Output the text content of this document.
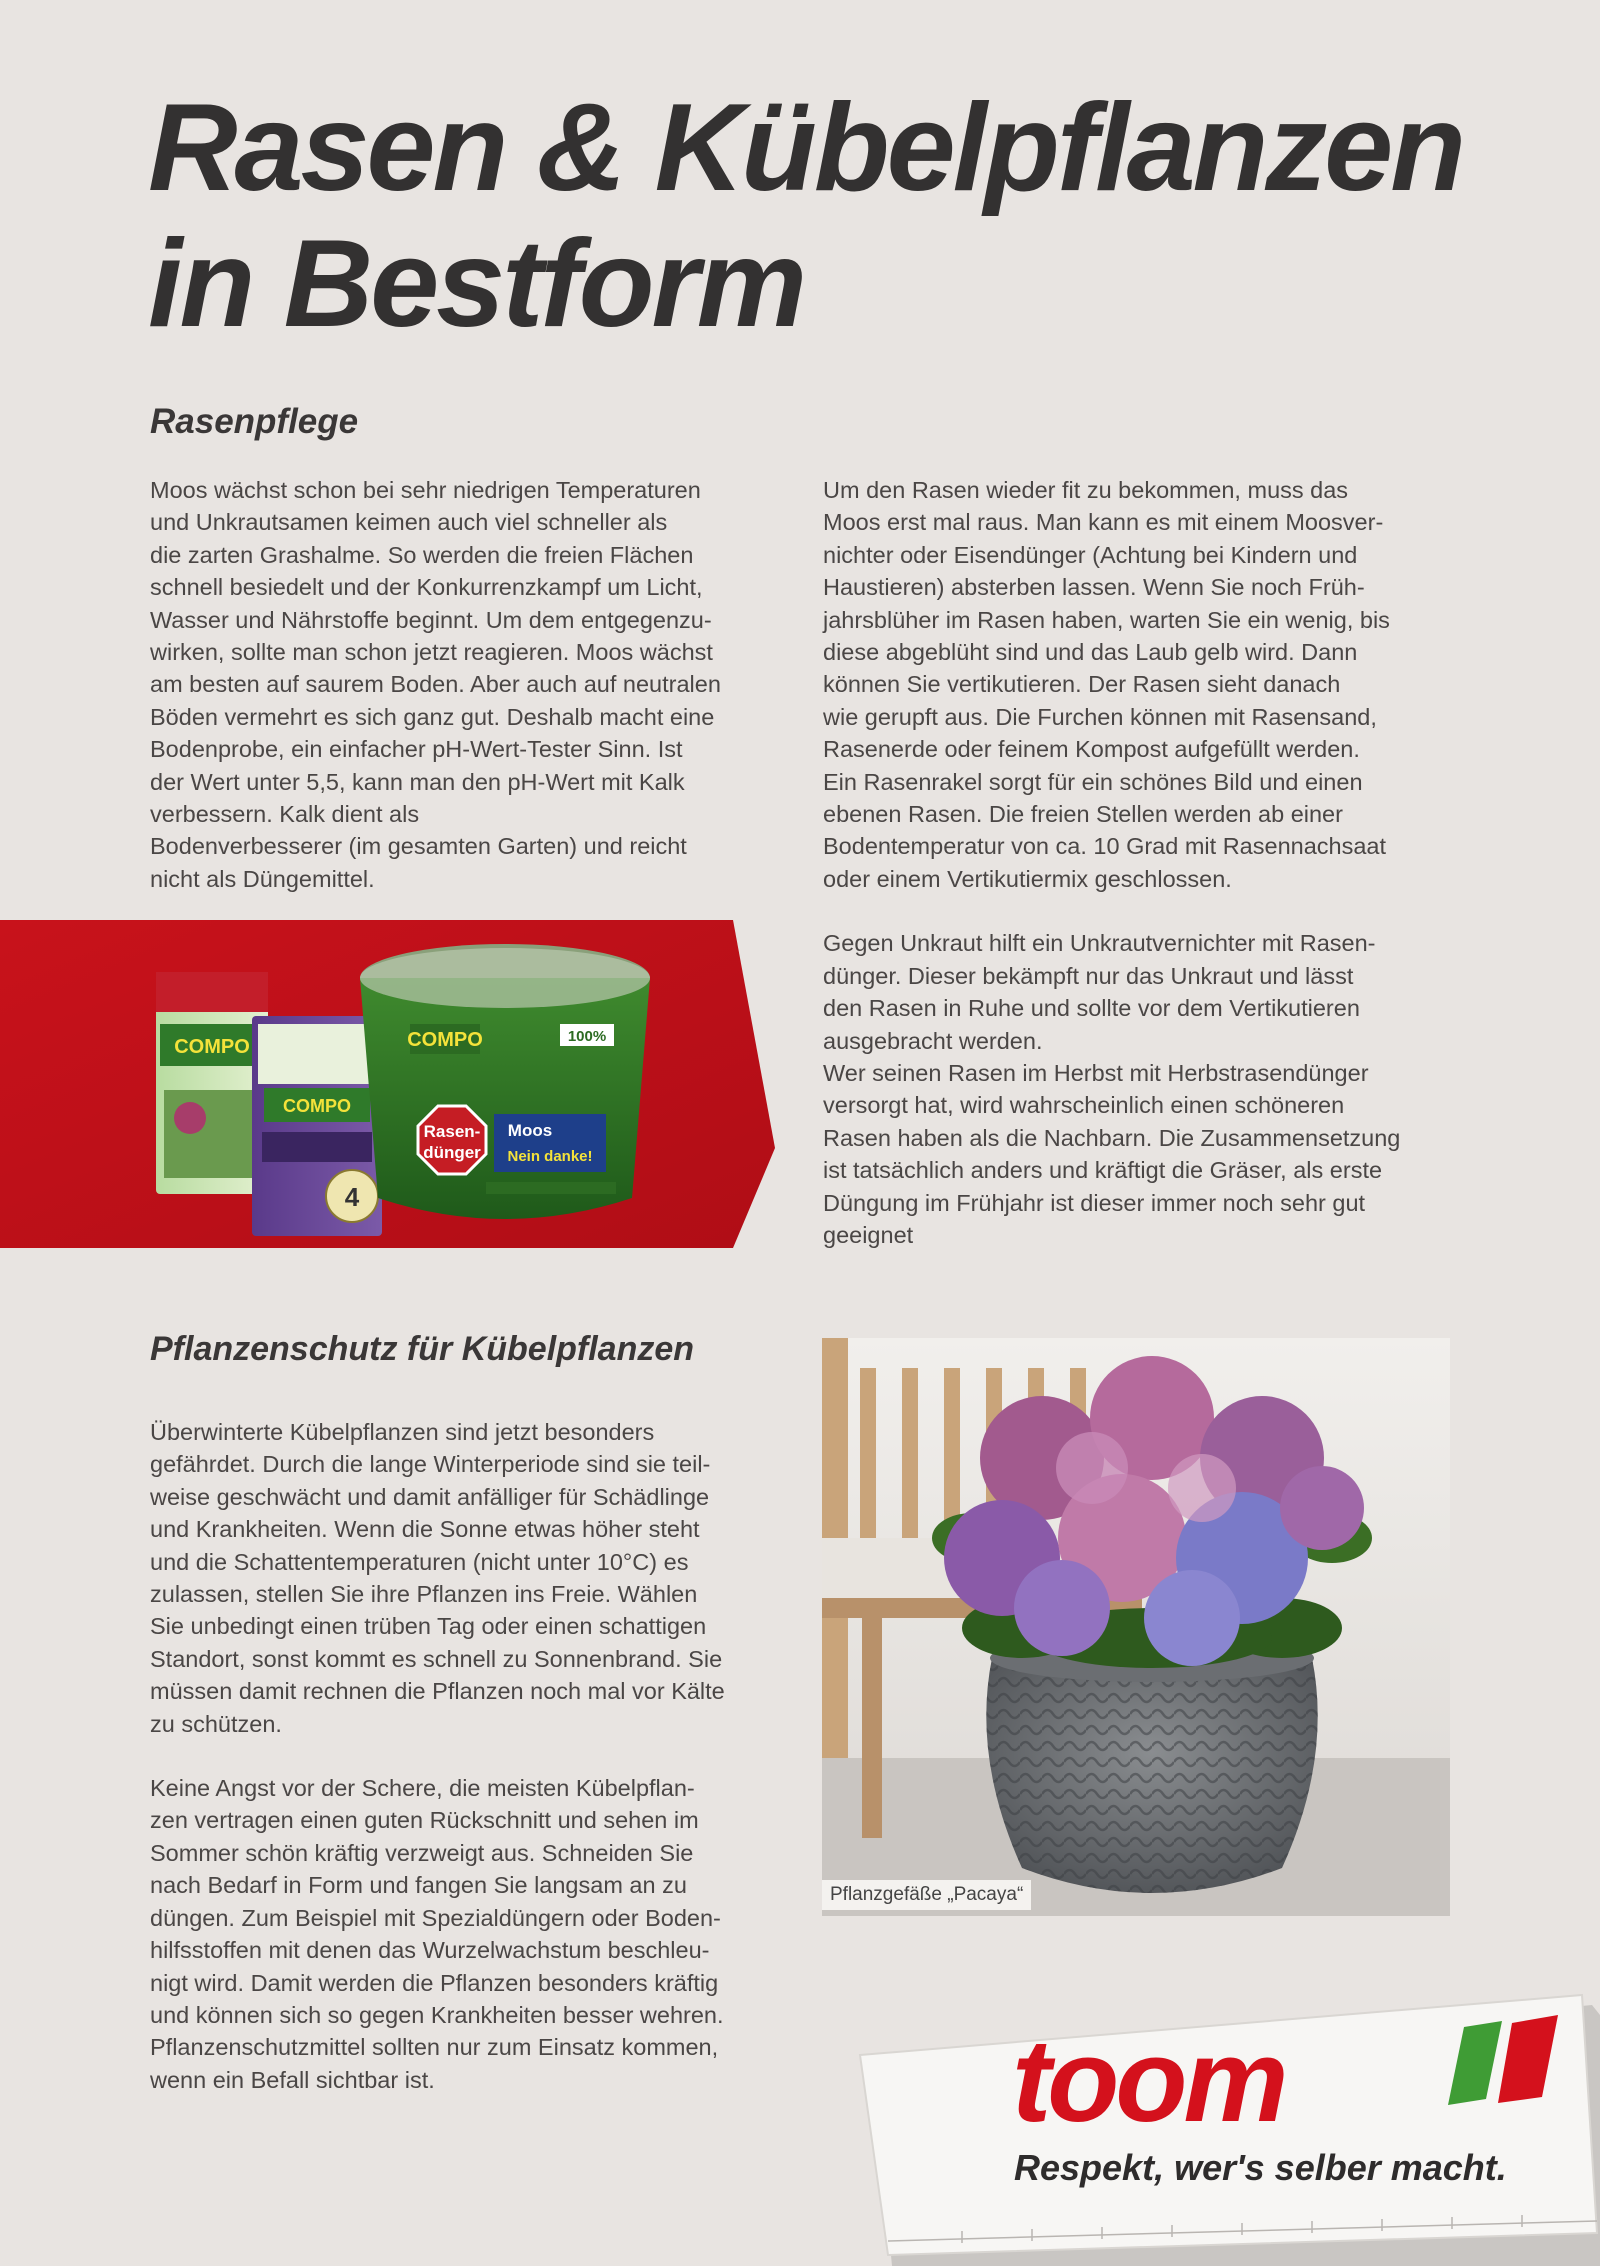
Rasen & Kübelpflanzen
in Bestform
Rasenpflege

Moos wächst schon bei sehr niedrigen Temperaturen
und Unkrautsamen keimen auch viel schneller als
die zarten Grashalme. So werden die freien Flächen
schnell besiedelt und der Konkurrenzkampf um Licht,
Wasser und Nährstoffe beginnt. Um dem entgegenzu-
wirken, sollte man schon jetzt reagieren. Moos wächst
am besten auf saurem Boden. Aber auch auf neutralen
Böden vermehrt es sich ganz gut. Deshalb macht eine
Bodenprobe, ein einfacher pH-Wert-Tester Sinn. Ist
der Wert unter 5,5, kann man den pH-Wert mit Kalk
verbessern. Kalk dient als
Bodenverbesserer (im gesamten Garten) und reicht
nicht als Düngemittel.

Um den Rasen wieder fit zu bekommen, muss das
Moos erst mal raus. Man kann es mit einem Moosver-
nichter oder Eisendünger (Achtung bei Kindern und
Haustieren) absterben lassen. Wenn Sie noch Früh-
jahrsblüher im Rasen haben, warten Sie ein wenig, bis
diese abgeblüht sind und das Laub gelb wird. Dann
können Sie vertikutieren. Der Rasen sieht danach
wie gerupft aus. Die Furchen können mit Rasensand,
Rasenerde oder feinem Kompost aufgefüllt werden.
Ein Rasenrakel sorgt für ein schönes Bild und einen
ebenen Rasen. Die freien Stellen werden ab einer
Bodentemperatur von ca. 10 Grad mit Rasennachsaat
oder einem Vertikutiermix geschlossen.

Gegen Unkraut hilft ein Unkrautvernichter mit Rasen-
dünger. Dieser bekämpft nur das Unkraut und lässt
den Rasen in Ruhe und sollte vor dem Vertikutieren
ausgebracht werden.
Wer seinen Rasen im Herbst mit Herbstrasendünger
versorgt hat, wird wahrscheinlich einen schöneren
Rasen haben als die Nachbarn. Die Zusammensetzung
ist tatsächlich anders und kräftigt die Gräser, als erste
Düngung im Frühjahr ist dieser immer noch sehr gut
geeignet

COMPO
COMPO
4
COMPO	100%
Rasen-
dünger
Moos
Nein danke!
Pflanzenschutz für Kübelpflanzen

Überwinterte Kübelpflanzen sind jetzt besonders
gefährdet. Durch die lange Winterperiode sind sie teil-
weise geschwächt und damit anfälliger für Schädlinge
und Krankheiten. Wenn die Sonne etwas höher steht
und die Schattentemperaturen (nicht unter 10°C) es
zulassen, stellen Sie ihre Pflanzen ins Freie. Wählen
Sie unbedingt einen trüben Tag oder einen schattigen
Standort, sonst kommt es schnell zu Sonnenbrand. Sie
müssen damit rechnen die Pflanzen noch mal vor Kälte
zu schützen.

Keine Angst vor der Schere, die meisten Kübelpflan-
zen vertragen einen guten Rückschnitt und sehen im
Sommer schön kräftig verzweigt aus. Schneiden Sie
nach Bedarf in Form und fangen Sie langsam an zu
düngen. Zum Beispiel mit Spezialdüngern oder Boden-
hilfsstoffen mit denen das Wurzelwachstum beschleu-
nigt wird. Damit werden die Pflanzen besonders kräftig
und können sich so gegen Krankheiten besser wehren.
Pflanzenschutzmittel sollten nur zum Einsatz kommen,
wenn ein Befall sichtbar ist.

Pflanzgefäße „Pacaya“
toom
Respekt, wer's selber macht.
